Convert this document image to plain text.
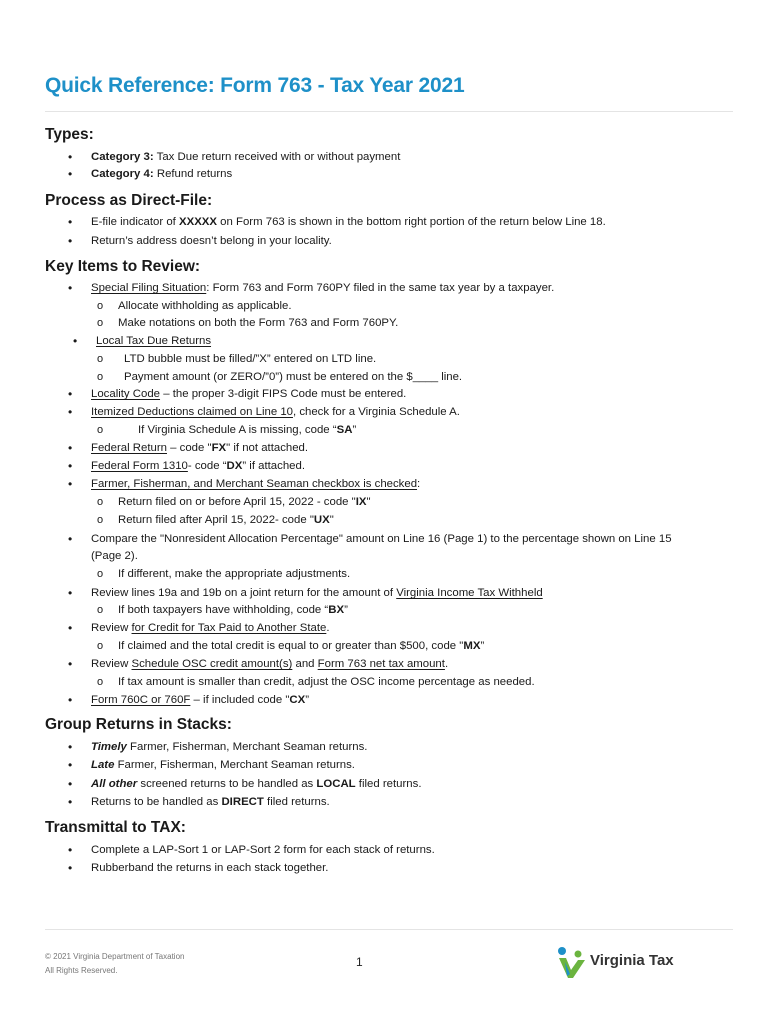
Quick Reference: Form 763 - Tax Year 2021
Types:
• Category 3: Tax Due return received with or without payment
• Category 4: Refund returns
Process as Direct-File:
• E-file indicator of XXXXX on Form 763 is shown in the bottom right portion of the return below Line 18.
• Return’s address doesn’t belong in your locality.
Key Items to Review:
• Special Filing Situation: Form 763 and Form 760PY filed in the same tax year by a taxpayer.
o Allocate withholding as applicable.
o Make notations on both the Form 763 and Form 760PY.
• Local Tax Due Returns
o LTD bubble must be filled/”X” entered on LTD line.
o Payment amount (or ZERO/”0”) must be entered on the $____ line.
• Locality Code – the proper 3-digit FIPS Code must be entered.
• Itemized Deductions claimed on Line 10, check for a Virginia Schedule A.
o If Virginia Schedule A is missing, code “SA”
• Federal Return – code "FX" if not attached.
• Federal Form 1310- code “DX” if attached.
• Farmer, Fisherman, and Merchant Seaman checkbox is checked:
o Return filed on or before April 15, 2022 - code "IX"
o Return filed after April 15, 2022- code "UX"
• Compare the "Nonresident Allocation Percentage" amount on Line 16 (Page 1) to the percentage shown on Line 15
(Page 2).
o If different, make the appropriate adjustments.
• Review lines 19a and 19b on a joint return for the amount of Virginia Income Tax Withheld
o If both taxpayers have withholding, code “BX”
• Review for Credit for Tax Paid to Another State.
o If claimed and the total credit is equal to or greater than $500, code "MX”
• Review Schedule OSC credit amount(s) and Form 763 net tax amount.
o If tax amount is smaller than credit, adjust the OSC income percentage as needed.
• Form 760C or 760F – if included code "CX”
Group Returns in Stacks:
• Timely Farmer, Fisherman, Merchant Seaman returns.
• Late Farmer, Fisherman, Merchant Seaman returns.
• All other screened returns to be handled as LOCAL filed returns.
• Returns to be handled as DIRECT filed returns.
Transmittal to TAX:
• Complete a LAP-Sort 1 or LAP-Sort 2 form for each stack of returns.
• Rubberband the returns in each stack together.
© 2021 Virginia Department of Taxation
All Rights Reserved.
1	Virginia Tax
